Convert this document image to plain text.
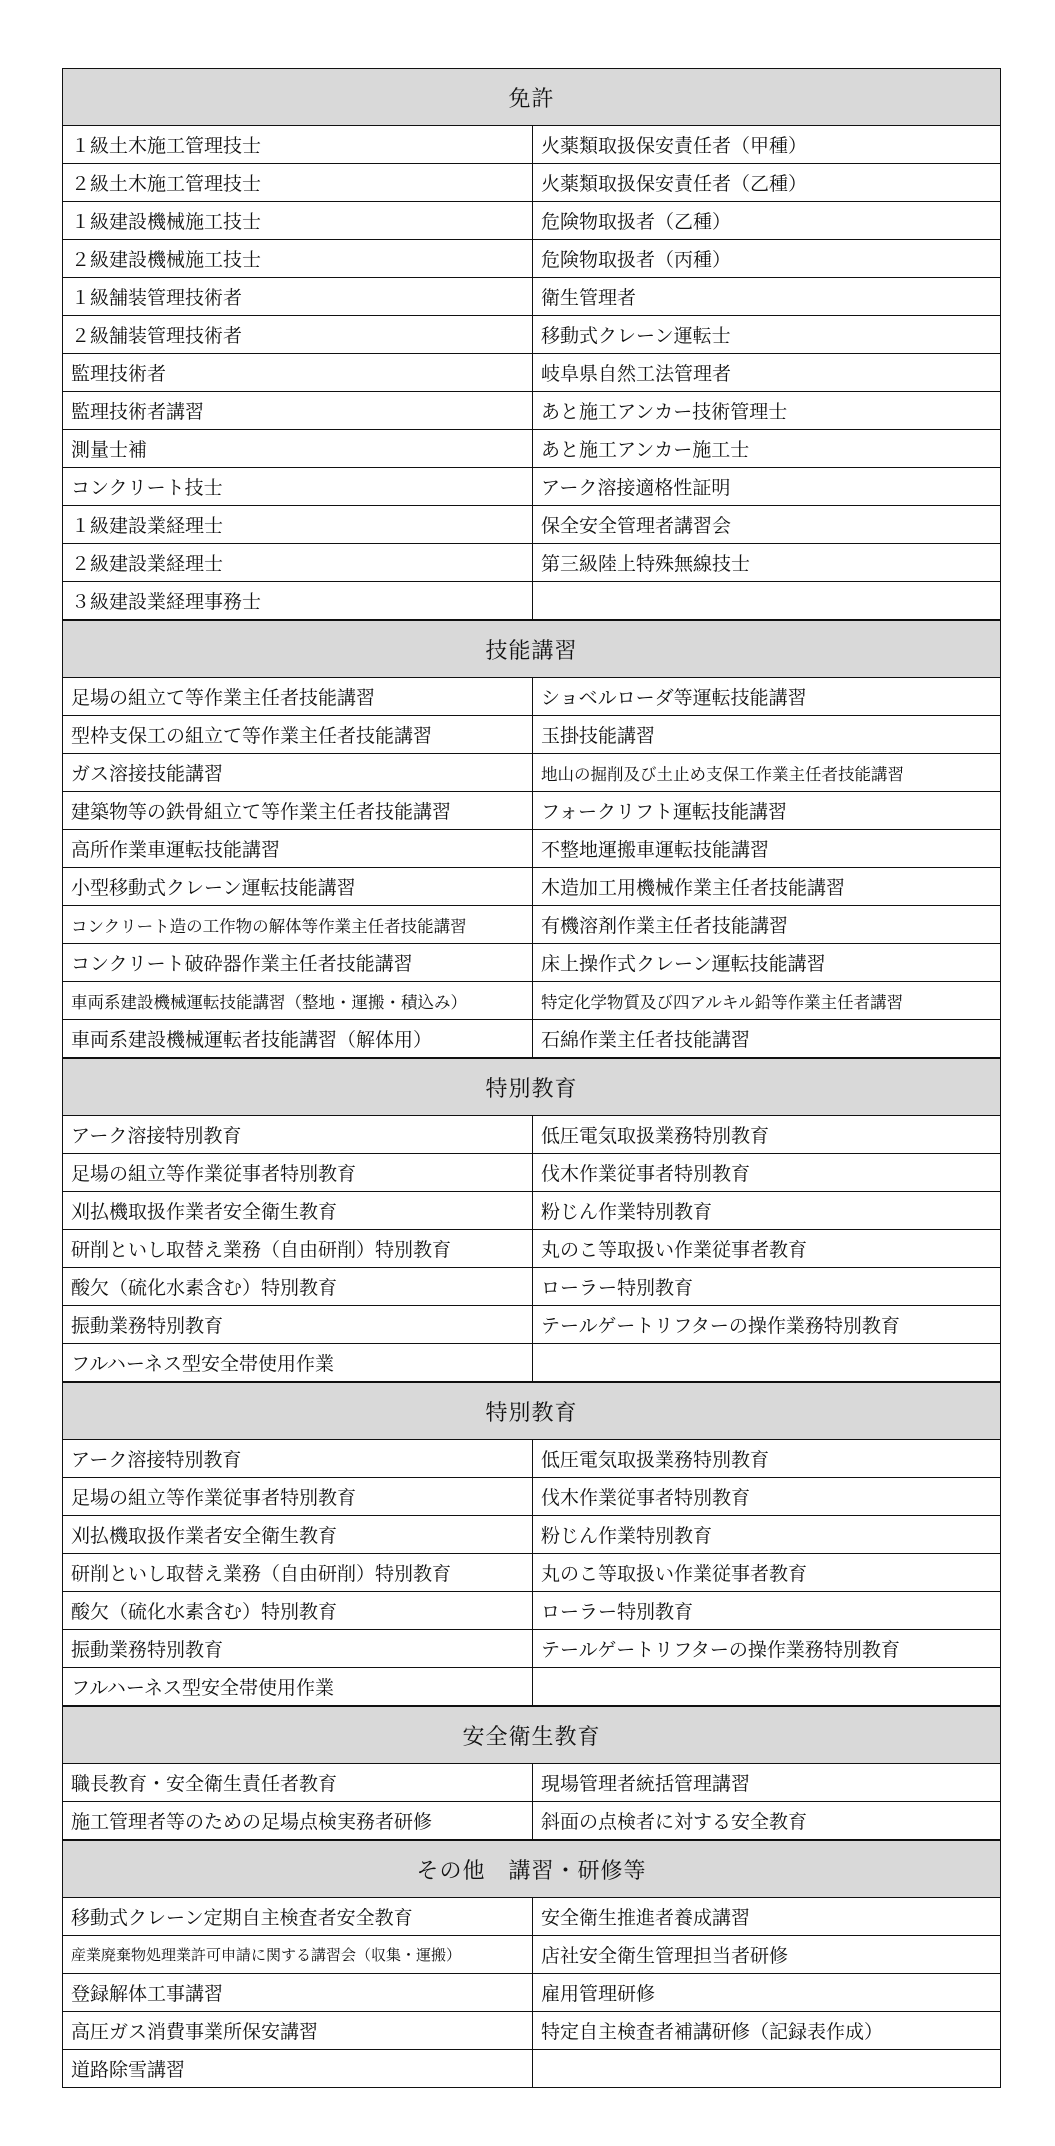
免許
１級土木施工管理技士	火薬類取扱保安責任者（甲種）
２級土木施工管理技士	火薬類取扱保安責任者（乙種）
１級建設機械施工技士	危険物取扱者（乙種）
２級建設機械施工技士	危険物取扱者（丙種）
１級舗装管理技術者	衛生管理者
２級舗装管理技術者	移動式クレーン運転士
監理技術者	岐阜県自然工法管理者
監理技術者講習	あと施工アンカー技術管理士
測量士補	あと施工アンカー施工士
コンクリート技士	アーク溶接適格性証明
１級建設業経理士	保全安全管理者講習会
２級建設業経理士	第三級陸上特殊無線技士
３級建設業経理事務士
技能講習
足場の組立て等作業主任者技能講習	ショベルローダ等運転技能講習
型枠支保工の組立て等作業主任者技能講習	玉掛技能講習
ガス溶接技能講習	地山の掘削及び土止め支保工作業主任者技能講習
建築物等の鉄骨組立て等作業主任者技能講習	フォークリフト運転技能講習
高所作業車運転技能講習	不整地運搬車運転技能講習
小型移動式クレーン運転技能講習	木造加工用機械作業主任者技能講習
コンクリート造の工作物の解体等作業主任者技能講習	有機溶剤作業主任者技能講習
コンクリート破砕器作業主任者技能講習	床上操作式クレーン運転技能講習
車両系建設機械運転技能講習（整地・運搬・積込み）	特定化学物質及び四アルキル鉛等作業主任者講習
車両系建設機械運転者技能講習（解体用）	石綿作業主任者技能講習
特別教育
アーク溶接特別教育	低圧電気取扱業務特別教育
足場の組立等作業従事者特別教育	伐木作業従事者特別教育
刈払機取扱作業者安全衛生教育	粉じん作業特別教育
研削といし取替え業務（自由研削）特別教育	丸のこ等取扱い作業従事者教育
酸欠（硫化水素含む）特別教育	ローラー特別教育
振動業務特別教育	テールゲートリフターの操作業務特別教育
フルハーネス型安全帯使用作業
特別教育
アーク溶接特別教育	低圧電気取扱業務特別教育
足場の組立等作業従事者特別教育	伐木作業従事者特別教育
刈払機取扱作業者安全衛生教育	粉じん作業特別教育
研削といし取替え業務（自由研削）特別教育	丸のこ等取扱い作業従事者教育
酸欠（硫化水素含む）特別教育	ローラー特別教育
振動業務特別教育	テールゲートリフターの操作業務特別教育
フルハーネス型安全帯使用作業
安全衛生教育
職長教育・安全衛生責任者教育	現場管理者統括管理講習
施工管理者等のための足場点検実務者研修	斜面の点検者に対する安全教育
その他　講習・研修等
移動式クレーン定期自主検査者安全教育	安全衛生推進者養成講習
産業廃棄物処理業許可申請に関する講習会（収集・運搬）	店社安全衛生管理担当者研修
登録解体工事講習	雇用管理研修
高圧ガス消費事業所保安講習	特定自主検査者補講研修（記録表作成）
道路除雪講習
